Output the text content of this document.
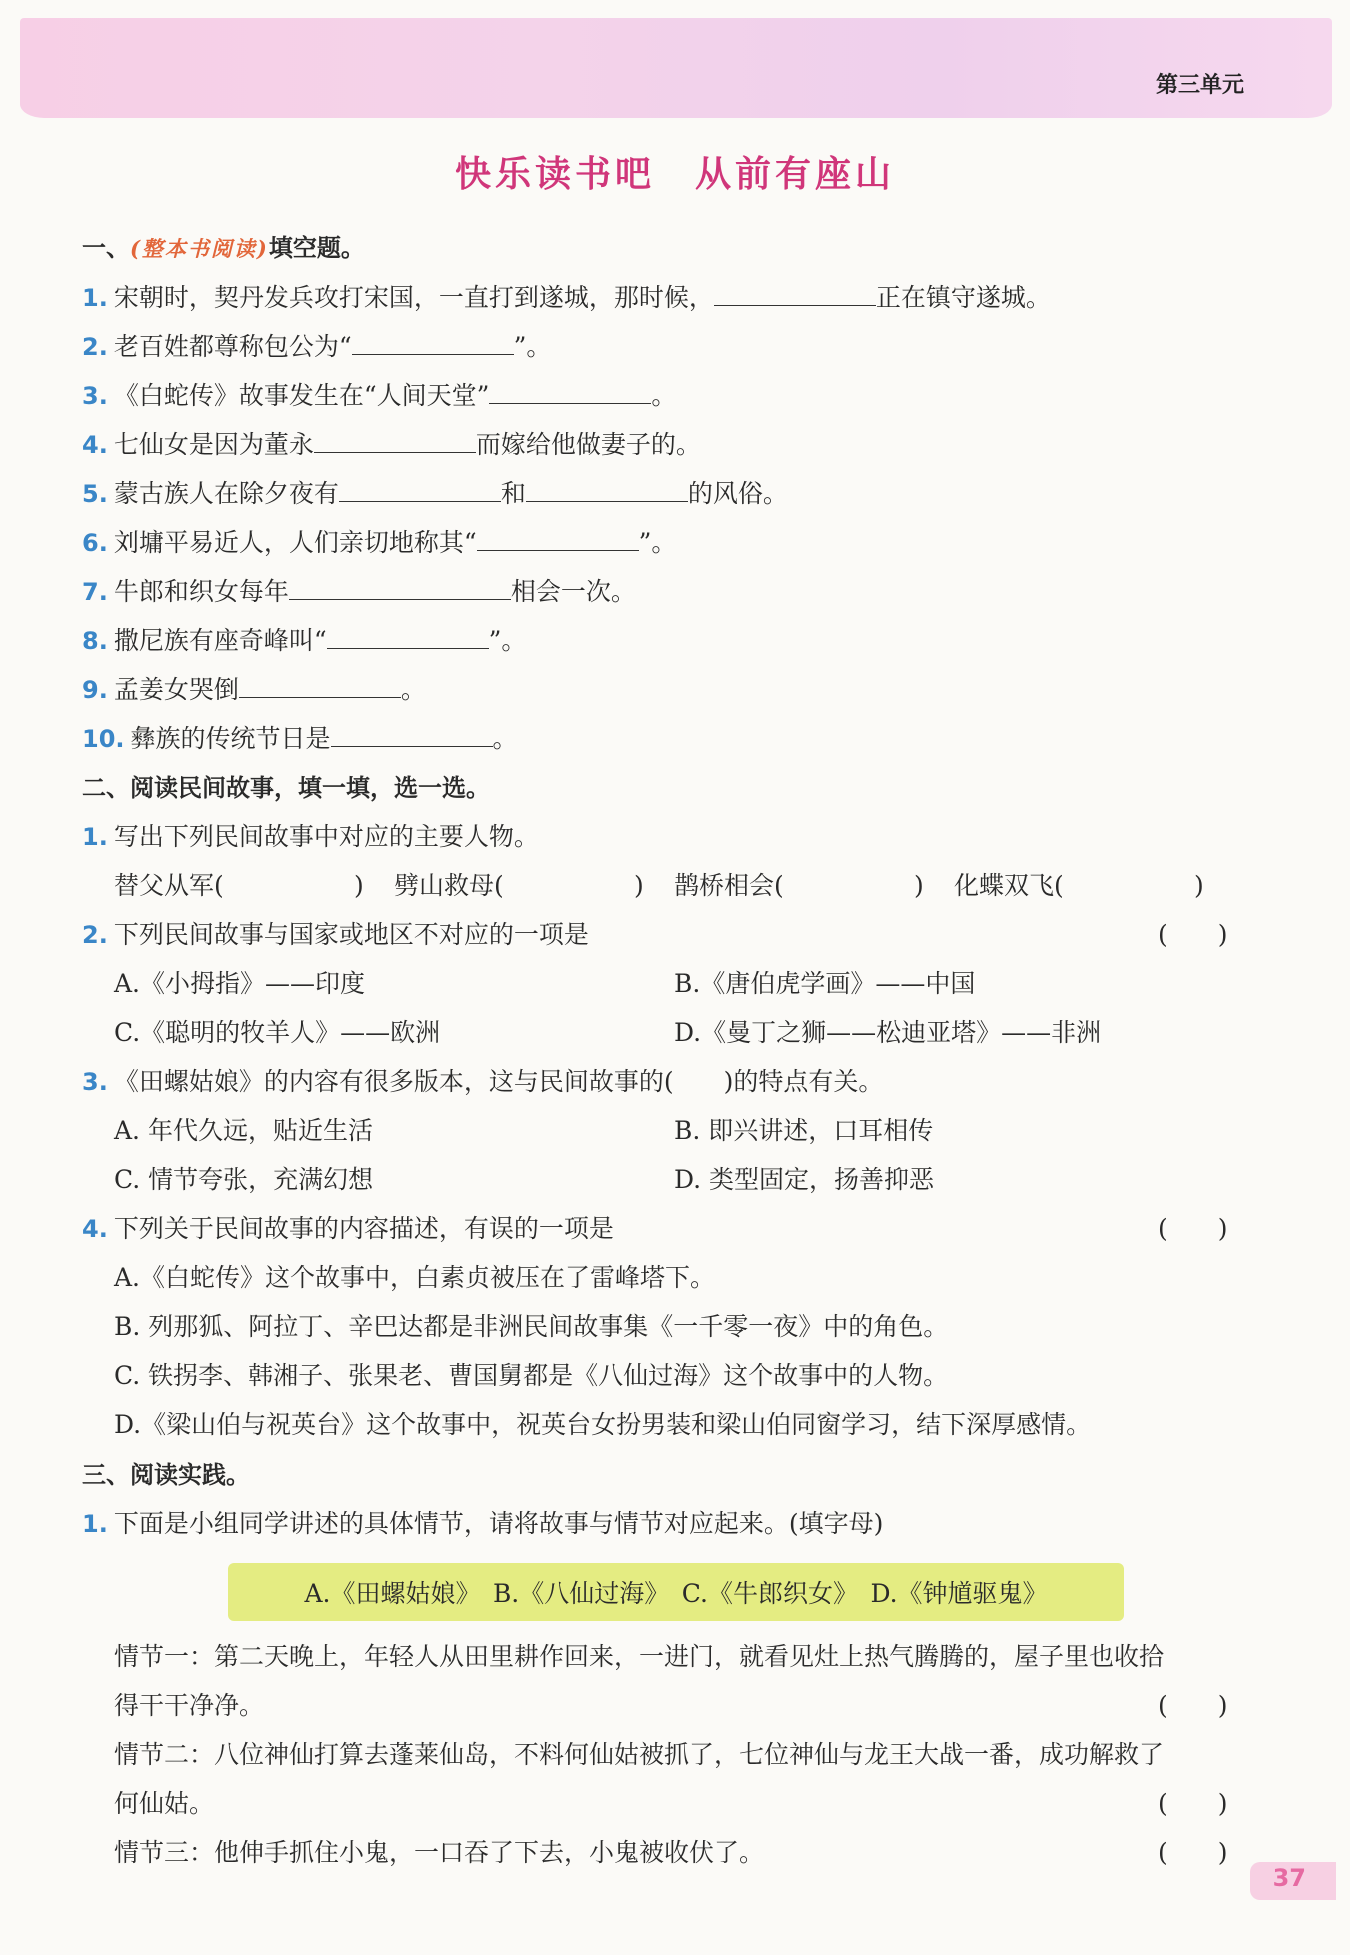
第三单元
快乐读书吧　从前有座山
一、(整本书阅读)填空题。
1. 宋朝时，契丹发兵攻打宋国，一直打到遂城，那时候，	正在镇守遂城。
2. 老百姓都尊称包公为“	”。
3. 《白蛇传》故事发生在“人间天堂”	。
4. 七仙女是因为董永	而嫁给他做妻子的。
5. 蒙古族人在除夕夜有	和	的风俗。
6. 刘墉平易近人，人们亲切地称其“	”。
7. 牛郎和织女每年	相会一次。
8. 撒尼族有座奇峰叫“	”。
9. 孟姜女哭倒	。
10. 彝族的传统节日是	。
二、阅读民间故事，填一填，选一选。
1. 写出下列民间故事中对应的主要人物。
替父从军(	) 劈山救母(	) 鹊桥相会(	) 化蝶双飞(	)
2. 下列民间故事与国家或地区不对应的一项是	(　　)
A.《小拇指》——印度	B.《唐伯虎学画》——中国
C.《聪明的牧羊人》——欧洲	D.《曼丁之狮——松迪亚塔》——非洲
3. 《田螺姑娘》的内容有很多版本，这与民间故事的(　　)的特点有关。
A. 年代久远，贴近生活	B. 即兴讲述，口耳相传
C. 情节夸张，充满幻想	D. 类型固定，扬善抑恶
4. 下列关于民间故事的内容描述，有误的一项是	(　　)
A.《白蛇传》这个故事中，白素贞被压在了雷峰塔下。
B. 列那狐、阿拉丁、辛巴达都是非洲民间故事集《一千零一夜》中的角色。
C. 铁拐李、韩湘子、张果老、曹国舅都是《八仙过海》这个故事中的人物。
D.《梁山伯与祝英台》这个故事中，祝英台女扮男装和梁山伯同窗学习，结下深厚感情。
三、阅读实践。
1. 下面是小组同学讲述的具体情节，请将故事与情节对应起来。(填字母)
A.《田螺姑娘》　B.《八仙过海》　C.《牛郎织女》　D.《钟馗驱鬼》
情节一：第二天晚上，年轻人从田里耕作回来，一进门，就看见灶上热气腾腾的，屋子里也收拾
得干干净净。	(　　)
情节二：八位神仙打算去蓬莱仙岛，不料何仙姑被抓了，七位神仙与龙王大战一番，成功解救了
何仙姑。	(　　)
情节三：他伸手抓住小鬼，一口吞了下去，小鬼被收伏了。	(　　)
37
